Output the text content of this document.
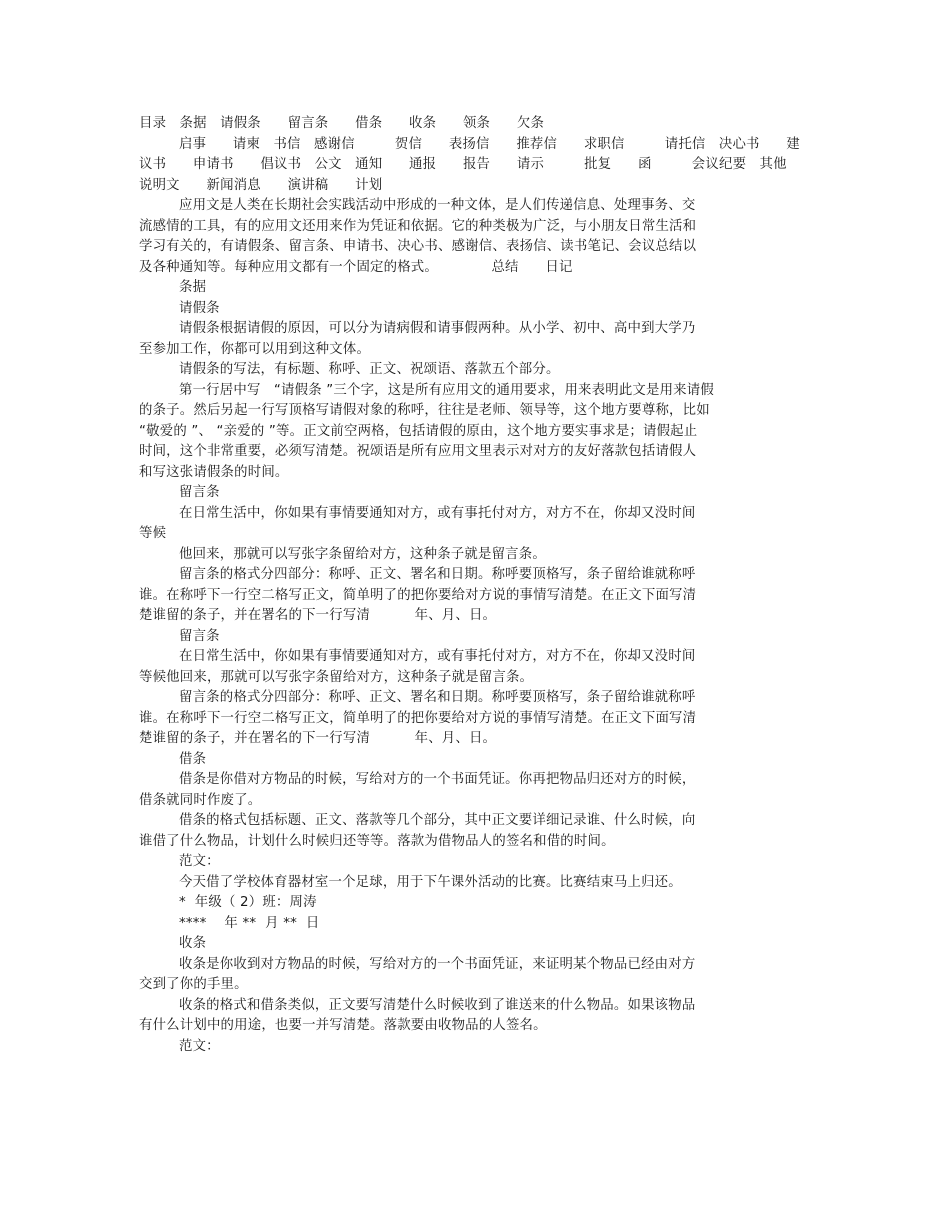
目录   条据   请假条      留言条      借条      收条      领条      欠条
启事      请柬   书信   感谢信         贺信      表扬信      推荐信      求职信         请托信   决心书      建
议书      申请书      倡议书   公文   通知      通报      报告      请示         批复      函         会议纪要   其他
说明文      新闻消息      演讲稿      计划
应用文是人类在长期社会实践活动中形成的一种文体，是人们传递信息、处理事务、交
流感情的工具，有的应用文还用来作为凭证和依据。它的种类极为广泛，与小朋友日常生活和
学习有关的，有请假条、留言条、申请书、决心书、感谢信、表扬信、读书笔记、会议总结以
及各种通知等。每种应用文都有一个固定的格式。            总结      日记
条据
请假条
请假条根据请假的原因，可以分为请病假和请事假两种。从小学、初中、高中到大学乃
至参加工作，你都可以用到这种文体。
请假条的写法，有标题、称呼、正文、祝颂语、落款五个部分。
第一行居中写   “请假条 ”三个字，这是所有应用文的通用要求，用来表明此文是用来请假
的条子。然后另起一行写顶格写请假对象的称呼，往往是老师、领导等，这个地方要尊称，比如
“敬爱的 ”、 “亲爱的 ”等。正文前空两格，包括请假的原由，这个地方要实事求是；请假起止
时间，这个非常重要，必须写清楚。祝颂语是所有应用文里表示对对方的友好落款包括请假人
和写这张请假条的时间。
留言条
在日常生活中，你如果有事情要通知对方，或有事托付对方，对方不在，你却又没时间
等候
他回来，那就可以写张字条留给对方，这种条子就是留言条。
留言条的格式分四部分：称呼、正文、署名和日期。称呼要顶格写，条子留给谁就称呼
谁。在称呼下一行空二格写正文，简单明了的把你要给对方说的事情写清楚。在正文下面写清
楚谁留的条子，并在署名的下一行写清          年、月、日。
留言条
在日常生活中，你如果有事情要通知对方，或有事托付对方，对方不在，你却又没时间
等候他回来，那就可以写张字条留给对方，这种条子就是留言条。
留言条的格式分四部分：称呼、正文、署名和日期。称呼要顶格写，条子留给谁就称呼
谁。在称呼下一行空二格写正文，简单明了的把你要给对方说的事情写清楚。在正文下面写清
楚谁留的条子，并在署名的下一行写清          年、月、日。
借条
借条是你借对方物品的时候，写给对方的一个书面凭证。你再把物品归还对方的时候，
借条就同时作废了。
借条的格式包括标题、正文、落款等几个部分，其中正文要详细记录谁、什么时候，向
谁借了什么物品，计划什么时候归还等等。落款为借物品人的签名和借的时间。
范文：
今天借了学校体育器材室一个足球，用于下午课外活动的比赛。比赛结束马上归还。
*  年级（ 2）班：周涛
****    年 **  月 **  日
收条
收条是你收到对方物品的时候，写给对方的一个书面凭证，来证明某个物品已经由对方
交到了你的手里。
收条的格式和借条类似，正文要写清楚什么时候收到了谁送来的什么物品。如果该物品
有什么计划中的用途，也要一并写清楚。落款要由收物品的人签名。
范文：
